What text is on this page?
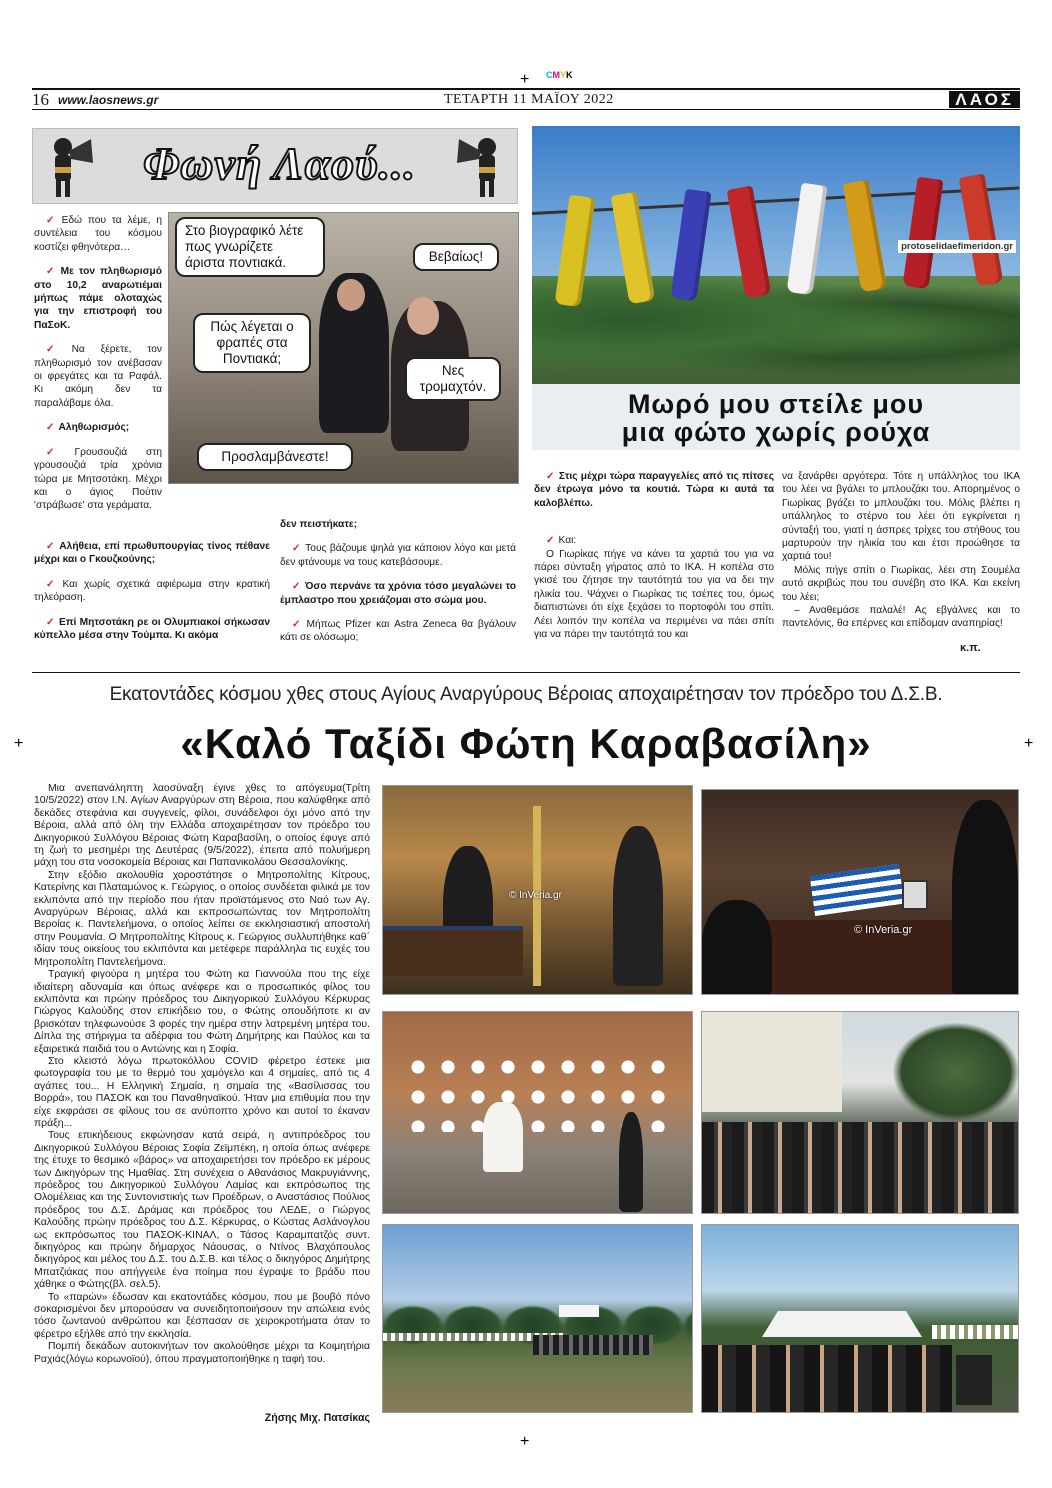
CMYK
+
+	+
+
16 www.laosnews.gr	ΤΕΤΑΡΤΗ 11 ΜΑΪΟΥ 2022	ΛΑΟΣ
Φωνή Λαού...

✓ Εδώ που τα λέμε, η συντέλεια του κόσμου κοστίζει φθηνότερα…

✓ Με τον πληθωρισμό στο 10,2 αναρωτιέμαι μήπως πάμε ολοταχώς για την επιστροφή του ΠαΣοΚ.

✓ Να ξέρετε, τον πληθωρισμό τον ανέβασαν οι φρεγάτες και τα Ραφάλ. Κι ακόμη δεν τα παραλάβαμε όλα.

✓ Αληθωρισμός;

✓ Γρουσουζιά στη γρουσουζιά τρία χρόνια τώρα με Μητσοτάκη. Μέχρι και ο άγιος Πούτιν 'στράβωσε' στα γεράματα.

✓ Αλήθεια, επί πρωθυπουργίας τίνος πέθανε μέχρι και ο Γκουζκούνης;

✓ Και χωρίς σχετικά αφιέρωμα στην κρατική τηλεόραση.

✓ Επί Μητσοτάκη ρε οι Ολυμπιακοί σήκωσαν κύπελλο μέσα στην Τούμπα. Κι ακόμα

Στο βιογραφικό λέτε πως γνωρίζετε άριστα ποντιακά.	Βεβαίως!
Πώς λέγεται ο φραπές στα Ποντιακά;
Νες τρομαχτόν.
Προσλαμβάνεστε!

δεν πειστήκατε;

✓ Τους βάζουμε ψηλά για κάποιον λόγο και μετά δεν φτάνουμε να τους κατεβάσουμε.

✓ Όσο περνάνε τα χρόνια τόσο μεγαλώνει το έμπλαστρο που χρειάζομαι στο σώμα μου.

✓ Μήπως Pfizer και Astra Zeneca θα βγάλουν κάτι σε ολόσωμο;

protoselidaefimeridon.gr
Μωρό μου στείλε μου
μια φώτο χωρίς ρούχα

✓ Στις μέχρι τώρα παραγγελίες από τις πίτσες δεν έτρωγα μόνο τα κουτιά. Τώρα κι αυτά τα καλοβλέπω.

✓ Και:

Ο Γιωρίκας πήγε να κάνει τα χαρτιά του για να πάρει σύνταξη γήρατος από το ΙΚΑ. Η κοπέλα στο γκισέ του ζήτησε την ταυτότητά του για να δει την ηλικία του. Ψάχνει ο Γιωρίκας τις τσέπες του, όμως διαπιστώνει ότι είχε ξεχάσει το πορτοφόλι του σπίτι. Λέει λοιπόν την κοπέλα να περιμένει να πάει σπίτι για να πάρει την ταυτότητά του και

να ξανάρθει αργότερα. Τότε η υπάλληλος του ΙΚΑ του λέει να βγάλει το μπλουζάκι του. Απορημένος ο Γιωρίκας βγάζει το μπλουζάκι του. Μόλις βλέπει η υπάλληλος το στέρνο του λέει ότι εγκρίνεται η σύνταξή του, γιατί η άσπρες τρίχες του στήθους του μαρτυρούν την ηλικία του και έτσι προώθησε τα χαρτιά του!

Μόλις πήγε σπίτι ο Γιωρίκας, λέει στη Σουμέλα αυτό ακριβώς που του συνέβη στο ΙΚΑ. Και εκείνη του λέει;

– Αναθεμάσε παλαλέ! Ας εβγάλνες και το παντελόνις, θα επέρνες και επίδομαν αναπηρίας!

κ.π.
Εκατοντάδες κόσμου χθες στους Αγίους Αναργύρους Βέροιας αποχαιρέτησαν τον πρόεδρο του Δ.Σ.Β.
«Καλό Ταξίδι Φώτη Καραβασίλη»

Μια ανεπανάληπτη λαοσύναξη έγινε χθες το απόγευμα(Τρίτη 10/5/2022) στον Ι.Ν. Αγίων Αναργύρων στη Βέροια, που καλύφθηκε από δεκάδες στεφάνια και συγγενείς, φίλοι, συνάδελφοι όχι μόνο από την Βέροια, αλλά από όλη την Ελλάδα αποχαιρέτησαν τον πρόεδρο του Δικηγορικού Συλλόγου Βέροιας Φώτη Καραβασίλη, ο οποίος έφυγε από τη ζωή το μεσημέρι της Δευτέρας (9/5/2022), έπειτα από πολυήμερη μάχη του στα νοσοκομεία Βέροιας και Παπανικολάου Θεσσαλονίκης.

Στην εξόδιο ακολουθία χοροστάτησε ο Μητροπολίτης Κίτρους, Κατερίνης και Πλαταμώνος κ. Γεώργιος, ο οποίος συνδέεται φιλικά με τον εκλιπόντα από την περίοδο που ήταν προϊστάμενος στο Ναό των Αγ. Αναργύρων Βέροιας, αλλά και εκπροσωπώντας τον Μητροπολίτη Βεροίας κ. Παντελεήμονα, ο οποίος λείπει σε εκκλησιαστική αποστολή στην Ρουμανία. Ο Μητροπολίτης Κίτρους κ. Γεώργιος συλλυπήθηκε καθ΄ ιδίαν τους οικείους του εκλιπόντα και μετέφερε παράλληλα τις ευχές του Μητροπολίτη Παντελεήμονα.

Τραγική φιγούρα η μητέρα του Φώτη κα Γιαννούλα που της είχε ιδιαίτερη αδυναμία και όπως ανέφερε και ο προσωπικός φίλος του εκλιπόντα και πρώην πρόεδρος του Δικηγορικού Συλλόγου Κέρκυρας Γιώργος Καλούδης στον επικήδειο του, ο Φώτης οπουδήποτε κι αν βρισκόταν τηλεφωνούσε 3 φορές την ημέρα στην λατρεμένη μητέρα του. Δίπλα της στήριγμα τα αδέρφια του Φώτη Δημήτρης και Παύλος και τα εξαιρετικά παιδιά του ο Αντώνης και η Σοφία.

Στο κλειστό λόγω πρωτοκόλλου COVID φέρετρο έστεκε μια φωτογραφία του με το θερμό του χαμόγελο και 4 σημαίες, από τις 4 αγάπες του... Η Ελληνική Σημαία, η σημαία της «Βασίλισσας του Βορρά», του ΠΑΣΟΚ και του Παναθηναϊκού. Ήταν μια επιθυμία που την είχε εκφράσει σε φίλους του σε ανύποπτο χρόνο και αυτοί το έκαναν πράξη...

Τους επικήδειους εκφώνησαν κατά σειρά, η αντιπρόεδρος του Δικηγορικού Συλλόγου Βέροιας Σοφία Ζεϊμπέκη, η οποία όπως ανέφερε της έτυχε το θεσμικό «βάρος» να αποχαιρετήσει τον πρόεδρο εκ μέρους των Δικηγόρων της Ημαθίας. Στη συνέχεια ο Αθανάσιος Μακρυγιάννης, πρόεδρος του Δικηγορικού Συλλόγου Λαμίας και εκπρόσωπος της Ολομέλειας και της Συντονιστικής των Προέδρων, ο Αναστάσιος Πούλιος πρόεδρος του Δ.Σ. Δράμας και πρόεδρος του ΛΕΔΕ, ο Γιώργος Καλούδης πρώην πρόεδρος του Δ.Σ. Κέρκυρας, ο Κώστας Ασλάνογλου ως εκπρόσωπος του ΠΑΣΟΚ-ΚΙΝΑΛ, ο Τάσος Καραμπατζός συντ. δικηγόρος και πρώην δήμαρχος Νάουσας, ο Ντίνος Βλαχόπουλος δικηγόρος και μέλος του Δ.Σ. του Δ.Σ.Β. και τέλος ο δικηγόρος Δημήτρης Μπατζιάκας που απήγγειλε ένα ποίημα που έγραψε το βράδυ που χάθηκε ο Φώτης(βλ. σελ.5).

Το «παρών» έδωσαν και εκατοντάδες κόσμου, που με βουβό πόνο σοκαρισμένοι δεν μπορούσαν να συνειδητοποιήσουν την απώλεια ενός τόσο ζωντανού ανθρώπου και ξέσπασαν σε χειροκροτήματα όταν το φέρετρο εξήλθε από την εκκλησία.

Πομπή δεκάδων αυτοκινήτων τον ακολούθησε μέχρι τα Κοιμητήρια Ραχιάς(λόγω κορωνοϊού), όπου πραγματοποιήθηκε η ταφή του.

Ζήσης Μιχ. Πατσίκας
© InVeria.gr
© InVeria.gr
